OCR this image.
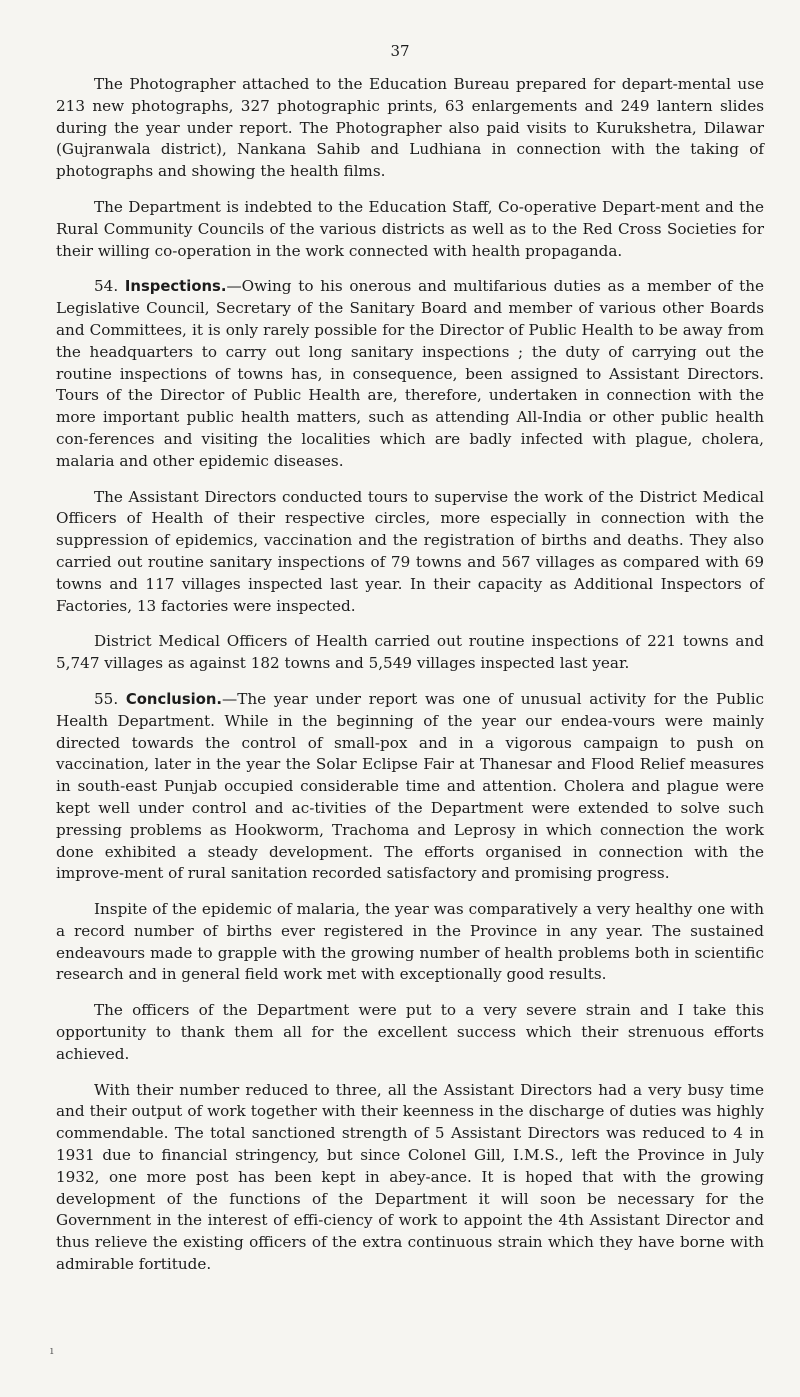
37

The Photographer attached to the Education Bureau prepared for depart-mental use 213 new photographs, 327 photographic prints, 63 enlargements and 249 lantern slides during the year under report. The Photographer also paid visits to Kurukshetra, Dilawar (Gujranwala district), Nankana Sahib and Ludhiana in connection with the taking of photographs and showing the health films.

The Department is indebted to the Education Staff, Co-operative Depart-ment and the Rural Community Councils of the various districts as well as to the Red Cross Societies for their willing co-operation in the work connected with health propaganda.

54. Inspections.—Owing to his onerous and multifarious duties as a member of the Legislative Council, Secretary of the Sanitary Board and member of various other Boards and Committees, it is only rarely possible for the Director of Public Health to be away from the headquarters to carry out long sanitary inspections ; the duty of carrying out the routine inspections of towns has, in consequence, been assigned to Assistant Directors. Tours of the Director of Public Health are, therefore, undertaken in connection with the more important public health matters, such as attending All-India or other public health con-ferences and visiting the localities which are badly infected with plague, cholera, malaria and other epidemic diseases.

The Assistant Directors conducted tours to supervise the work of the District Medical Officers of Health of their respective circles, more especially in connection with the suppression of epidemics, vaccination and the registration of births and deaths. They also carried out routine sanitary inspections of 79 towns and 567 villages as compared with 69 towns and 117 villages inspected last year. In their capacity as Additional Inspectors of Factories, 13 factories were inspected.

District Medical Officers of Health carried out routine inspections of 221 towns and 5,747 villages as against 182 towns and 5,549 villages inspected last year.

55. Conclusion.—The year under report was one of unusual activity for the Public Health Department. While in the beginning of the year our endea-vours were mainly directed towards the control of small-pox and in a vigorous campaign to push on vaccination, later in the year the Solar Eclipse Fair at Thanesar and Flood Relief measures in south-east Punjab occupied considerable time and attention. Cholera and plague were kept well under control and ac-tivities of the Department were extended to solve such pressing problems as Hookworm, Trachoma and Leprosy in which connection the work done exhibited a steady development. The efforts organised in connection with the improve-ment of rural sanitation recorded satisfactory and promising progress.

Inspite of the epidemic of malaria, the year was comparatively a very healthy one with a record number of births ever registered in the Province in any year. The sustained endeavours made to grapple with the growing number of health problems both in scientific research and in general field work met with exceptionally good results.

The officers of the Department were put to a very severe strain and I take this opportunity to thank them all for the excellent success which their strenuous efforts achieved.

With their number reduced to three, all the Assistant Directors had a very busy time and their output of work together with their keenness in the discharge of duties was highly commendable. The total sanctioned strength of 5 Assistant Directors was reduced to 4 in 1931 due to financial stringency, but since Colonel Gill, I.M.S., left the Province in July 1932, one more post has been kept in abey-ance. It is hoped that with the growing development of the functions of the Department it will soon be necessary for the Government in the interest of effi-ciency of work to appoint the 4th Assistant Director and thus relieve the existing officers of the extra continuous strain which they have borne with admirable fortitude.

ı
